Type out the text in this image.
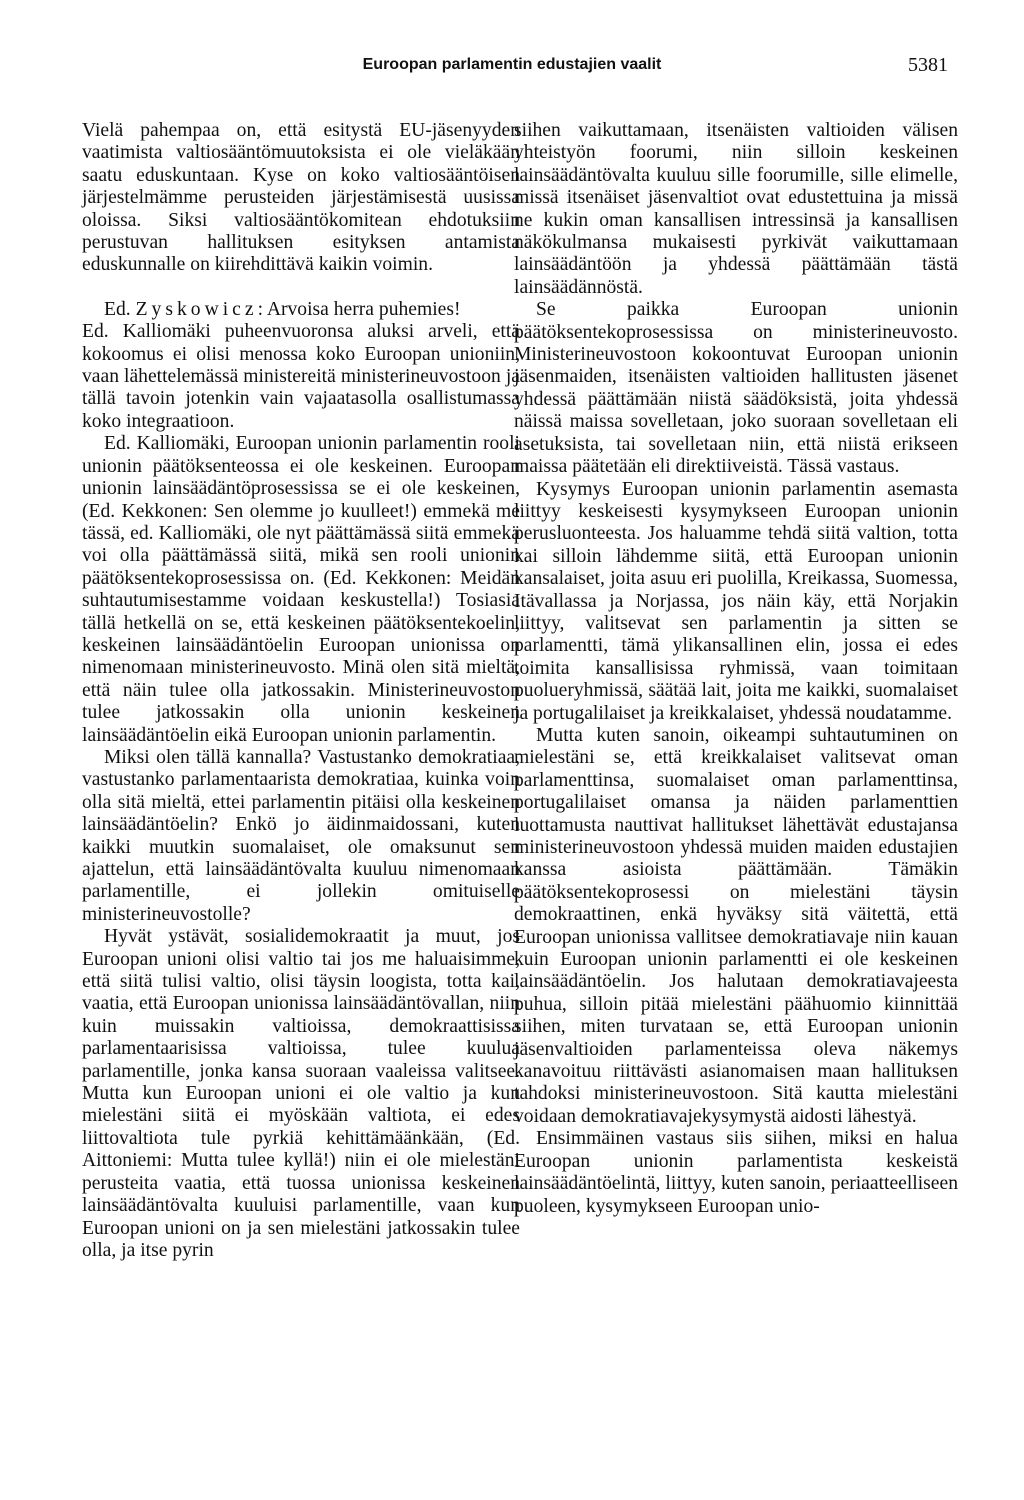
Euroopan parlamentin edustajien vaalit	5381

Vielä pahempaa on, että esitystä EU-jäsenyyden vaatimista valtiosääntömuutoksista ei ole vieläkään saatu eduskuntaan. Kyse on koko valtiosääntöisen järjestelmämme perusteiden järjestämisestä uusissa oloissa. Siksi valtiosääntökomitean ehdotuksiin perustuvan hallituksen esityksen antamista eduskunnalle on kiirehdittävä kaikin voimin.

Ed. Zyskowicz: Arvoisa herra puhemies!

Ed. Kalliomäki puheenvuoronsa aluksi arveli, että kokoomus ei olisi menossa koko Euroopan unioniin, vaan lähettelemässä ministereitä ministerineuvostoon ja tällä tavoin jotenkin vain vajaatasolla osallistumassa koko integraatioon.

Ed. Kalliomäki, Euroopan unionin parlamentin rooli unionin päätöksenteossa ei ole keskeinen. Euroopan unionin lainsäädäntöprosessissa se ei ole keskeinen, (Ed. Kekkonen: Sen olemme jo kuulleet!) emmekä me tässä, ed. Kalliomäki, ole nyt päättämässä siitä emmekä voi olla päättämässä siitä, mikä sen rooli unionin päätöksentekoprosessissa on. (Ed. Kekkonen: Meidän suhtautumisestamme voidaan keskustella!) Tosiasia tällä hetkellä on se, että keskeinen päätöksentekoelin, keskeinen lainsäädäntöelin Euroopan unionissa on nimenomaan ministerineuvosto. Minä olen sitä mieltä, että näin tulee olla jatkossakin. Ministerineuvoston tulee jatkossakin olla unionin keskeinen lainsäädäntöelin eikä Euroopan unionin parlamentin.

Miksi olen tällä kannalla? Vastustanko demokratiaa, vastustanko parlamentaarista demokratiaa, kuinka voin olla sitä mieltä, ettei parlamentin pitäisi olla keskeinen lainsäädäntöelin? Enkö jo äidinmaidossani, kuten kaikki muutkin suomalaiset, ole omaksunut sen ajattelun, että lainsäädäntövalta kuuluu nimenomaan parlamentille, ei jollekin omituiselle ministerineuvostolle?

Hyvät ystävät, sosialidemokraatit ja muut, jos Euroopan unioni olisi valtio tai jos me haluaisimme, että siitä tulisi valtio, olisi täysin loogista, totta kai, vaatia, että Euroopan unionissa lainsäädäntövallan, niin kuin muissakin valtioissa, demokraattisissa parlamentaarisissa valtioissa, tulee kuulua parlamentille, jonka kansa suoraan vaaleissa valitsee. Mutta kun Euroopan unioni ei ole valtio ja kun mielestäni siitä ei myöskään valtiota, ei edes liittovaltiota tule pyrkiä kehittämäänkään, (Ed. Aittoniemi: Mutta tulee kyllä!) niin ei ole mielestäni perusteita vaatia, että tuossa unionissa keskeinen lainsäädäntövalta kuuluisi parlamentille, vaan kun Euroopan unioni on ja sen mielestäni jatkossakin tulee olla, ja itse pyrin

siihen vaikuttamaan, itsenäisten valtioiden välisen yhteistyön foorumi, niin silloin keskeinen lainsäädäntövalta kuuluu sille foorumille, sille elimelle, missä itsenäiset jäsenvaltiot ovat edustettuina ja missä ne kukin oman kansallisen intressinsä ja kansallisen näkökulmansa mukaisesti pyrkivät vaikuttamaan lainsäädäntöön ja yhdessä päättämään tästä lainsäädännöstä.

Se paikka Euroopan unionin päätöksentekoprosessissa on ministerineuvosto. Ministerineuvostoon kokoontuvat Euroopan unionin jäsenmaiden, itsenäisten valtioiden hallitusten jäsenet yhdessä päättämään niistä säädöksistä, joita yhdessä näissä maissa sovelletaan, joko suoraan sovelletaan eli asetuksista, tai sovelletaan niin, että niistä erikseen maissa päätetään eli direktiiveistä. Tässä vastaus.

Kysymys Euroopan unionin parlamentin asemasta liittyy keskeisesti kysymykseen Euroopan unionin perusluonteesta. Jos haluamme tehdä siitä valtion, totta kai silloin lähdemme siitä, että Euroopan unionin kansalaiset, joita asuu eri puolilla, Kreikassa, Suomessa, Itävallassa ja Norjassa, jos näin käy, että Norjakin liittyy, valitsevat sen parlamentin ja sitten se parlamentti, tämä ylikansallinen elin, jossa ei edes toimita kansallisissa ryhmissä, vaan toimitaan puolueryhmissä, säätää lait, joita me kaikki, suomalaiset ja portugalilaiset ja kreikkalaiset, yhdessä noudatamme.

Mutta kuten sanoin, oikeampi suhtautuminen on mielestäni se, että kreikkalaiset valitsevat oman parlamenttinsa, suomalaiset oman parlamenttinsa, portugalilaiset omansa ja näiden parlamenttien luottamusta nauttivat hallitukset lähettävät edustajansa ministerineuvostoon yhdessä muiden maiden edustajien kanssa asioista päättämään. Tämäkin päätöksentekoprosessi on mielestäni täysin demokraattinen, enkä hyväksy sitä väitettä, että Euroopan unionissa vallitsee demokratiavaje niin kauan kuin Euroopan unionin parlamentti ei ole keskeinen lainsäädäntöelin. Jos halutaan demokratiavajeesta puhua, silloin pitää mielestäni päähuomio kiinnittää siihen, miten turvataan se, että Euroopan unionin jäsenvaltioiden parlamenteissa oleva näkemys kanavoituu riittävästi asianomaisen maan hallituksen tahdoksi ministerineuvostoon. Sitä kautta mielestäni voidaan demokratiavajekysymystä aidosti lähestyä.

Ensimmäinen vastaus siis siihen, miksi en halua Euroopan unionin parlamentista keskeistä lainsäädäntöelintä, liittyy, kuten sanoin, periaatteelliseen puoleen, kysymykseen Euroopan unio-
